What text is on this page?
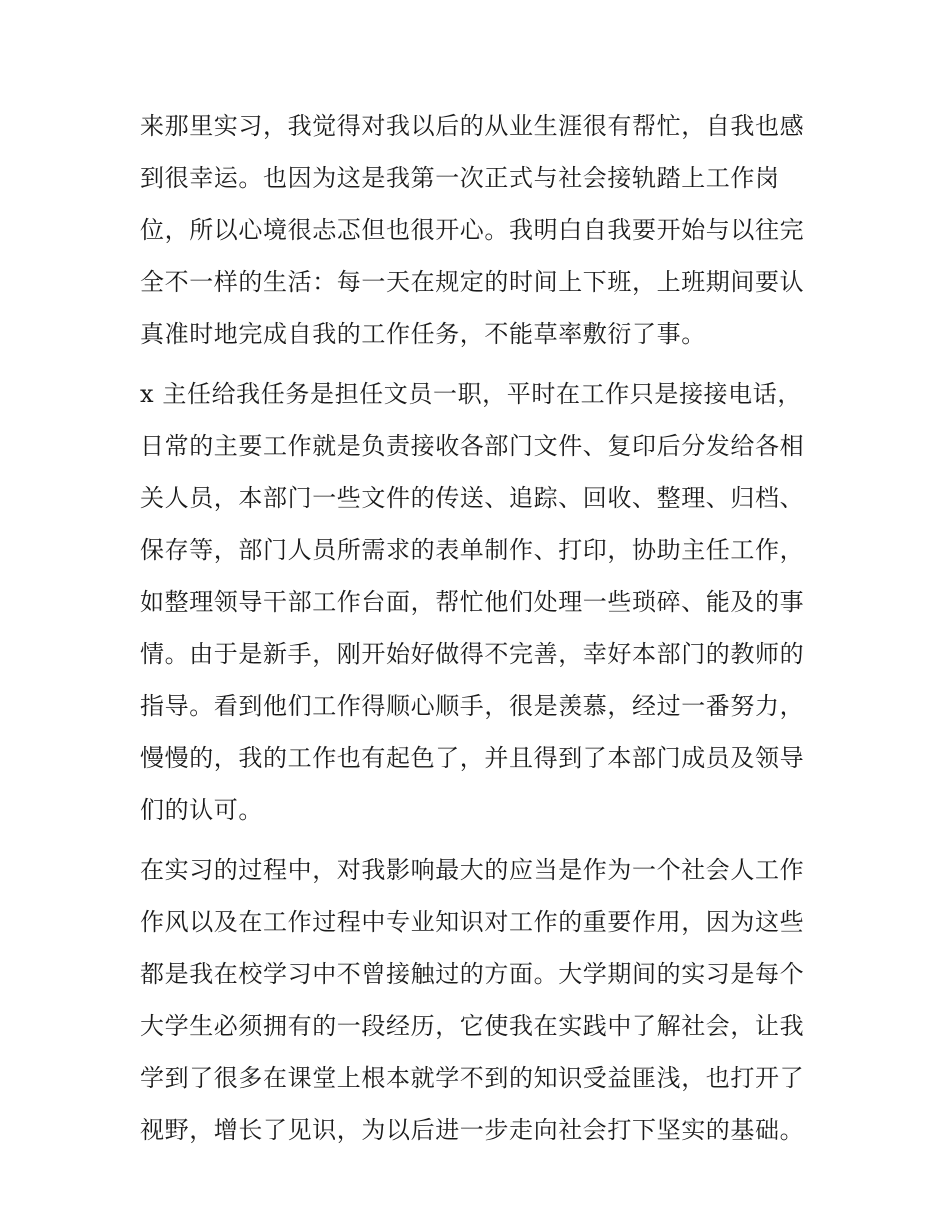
来那里实习，我觉得对我以后的从业生涯很有帮忙，自我也感
到很幸运。也因为这是我第一次正式与社会接轨踏上工作岗
位，所以心境很忐忑但也很开心。我明白自我要开始与以往完
全不一样的生活：每一天在规定的时间上下班，上班期间要认
真准时地完成自我的工作任务，不能草率敷衍了事。
x 主任给我任务是担任文员一职，平时在工作只是接接电话，
日常的主要工作就是负责接收各部门文件、复印后分发给各相
关人员，本部门一些文件的传送、追踪、回收、整理、归档、
保存等，部门人员所需求的表单制作、打印，协助主任工作，
如整理领导干部工作台面，帮忙他们处理一些琐碎、能及的事
情。由于是新手，刚开始好做得不完善，幸好本部门的教师的
指导。看到他们工作得顺心顺手，很是羡慕，经过一番努力，
慢慢的，我的工作也有起色了，并且得到了本部门成员及领导
们的认可。
在实习的过程中，对我影响最大的应当是作为一个社会人工作
作风以及在工作过程中专业知识对工作的重要作用，因为这些
都是我在校学习中不曾接触过的方面。大学期间的实习是每个
大学生必须拥有的一段经历，它使我在实践中了解社会，让我
学到了很多在课堂上根本就学不到的知识受益匪浅，也打开了
视野，增长了见识，为以后进一步走向社会打下坚实的基础。
